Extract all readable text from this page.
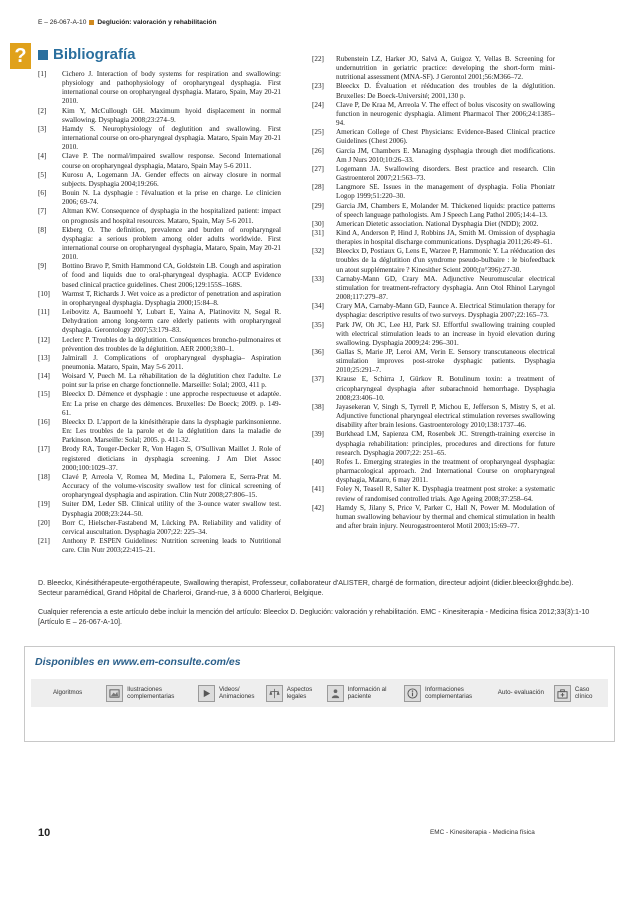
E – 26-067-A-10 Deglución: valoración y rehabilitación
? Bibliografía
[1]	Cichero J. Interaction of body systems for respiration and swallowing: physiology and pathophysiology of oropharyngeal dysphagia. First international course on oropharyngeal dysphagia. Mataro, Spain, May 20-21 2010.
[2]	Kim Y, McCullough GH. Maximum hyoid displacement in normal swallowing. Dysphagia 2008;23:274–9.
[3]	Hamdy S. Neurophysiology of deglutition and swallowing. First international course on oro-pharyngeal dysphagia. Mataro, Spain May 20-21 2010.
[4]	Clave P. The normal/impaired swallow response. Second International course on oropharyngeal dysphagia, Mataro, Spain May 5-6 2011.
[5]	Kurosu A, Logemann JA. Gender effects on airway closure in normal subjects. Dysphagia 2004;19:266.
[6]	Bouin N. La dysphagie : l'évaluation et la prise en charge. Le clinicien 2006; 69-74.
[7]	Altman KW. Consequence of dysphagia in the hospitalized patient: impact on prognosis and hospital resources. Mataro, Spain, May 5-6 2011.
[8]	Ekberg O. The definition, prevalence and burden of oropharyngeal dysphagia: a serious problem among older adults worldwide. First international course on oropharyngeal dysphagia, Mataro, Spain, May 20-21 2010.
[9]	Bottino Bravo P, Smith Hammond CA, Goldstein LB. Cough and aspiration of food and liquids due to oral-pharyngeal dysphagia. ACCP Evidence based clinical practice guidelines. Chest 2006;129:155S–168S.
[10]	Warmst T, Richards J. Wet voice as a predictor of penetration and aspiration in oropharyngeal dysphagia. Dysphagia 2000;15:84–8.
[11]	Leibovitz A, Baumoehl Y, Lubart E, Yaina A, Platinovitz N, Segal R. Dehydration among long-term care elderly patients with oropharyngeal dysphagia. Gerontology 2007;53:179–83.
[12]	Leclerc P. Troubles de la déglutition. Conséquences broncho-pulmonaires et prévention des troubles de la déglutition. AER 2000;3:80–1.
[13]	Jalmirall J. Complications of oropharyngeal dysphagia– Aspiration pneumonia. Mataro, Spain, May 5-6 2011.
[14]	Woisard V, Puech M. La réhabilitation de la déglutition chez l'adulte. Le point sur la prise en charge fonctionnelle. Marseille: Solal; 2003, 411 p.
[15]	Bleeckx D. Démence et dysphagie : une approche respectueuse et adaptée. En: La prise en charge des démences. Bruxelles: De Boeck; 2009. p. 149-61.
[16]	Bleeckx D. L'apport de la kinésithérapie dans la dysphagie parkinsonienne. En: Les troubles de la parole et de la déglutition dans la maladie de Parkinson. Marseille: Solal; 2005. p. 411-32.
[17]	Brody RA, Touger-Decker R, Von Hagen S, O'Sullivan Maillet J. Role of registered dieticians in dysphagia screening. J Am Diet Assoc 2000;100:1029–37.
[18]	Clavé P, Arreola V, Romea M, Medina L, Palomera E, Serra-Prat M. Accuracy of the volume-viscosity swallow test for clinical screening of oropharyngeal dysphagia and aspiration. Clin Nutr 2008;27:806–15.
[19]	Suiter DM, Leder SB. Clinical utility of the 3-ounce water swallow test. Dysphagia 2008;23:244–50.
[20]	Borr C, Hielscher-Fastabend M, Lücking PA. Reliability and validity of cervical auscultation. Dysphagia 2007;22: 225–34.
[21]	Anthony P. ESPEN Guidelines: Nutrition screening leads to Nutritional care. Clin Nutr 2003;22:415–21.
[22]	Rubenstein LZ, Harker JO, Salvà A, Guigoz Y, Vellas B. Screening for undernutrition in geriatric practice: developing the short-form mini-nutritional assessment (MNA-SF). J Gerontol 2001;56:M366–72.
[23]	Bleeckx D. Évaluation et rééducation des troubles de la déglutition. Bruxelles: De Boeck-Université; 2001,130 p.
[24]	Clave P, De Kraa M, Arreola V. The effect of bolus viscosity on swallowing function in neurogenic dysphagia. Aliment Pharmacol Ther 2006;24:1385–94.
[25]	American College of Chest Physicians: Evidence-Based Clinical practice Guidelines (Chest 2006).
[26]	Garcia JM, Chambers E. Managing dysphagia through diet modifications. Am J Nurs 2010;10:26–33.
[27]	Logemann JA. Swallowing disorders. Best practice and research. Clin Gastroenterol 2007;21:563–73.
[28]	Langmore SE. Issues in the management of dysphagia. Folia Phoniatr Logop 1999;51:220–30.
[29]	Garcia JM, Chambers E, Molander M. Thickened liquids: practice patterns of speech language pathologists. Am J Speech Lang Pathol 2005;14:4–13.
[30]	American Dietetic association. National Dysphagia Diet (NDD); 2002.
[31]	Kind A, Anderson P, Hind J, Robbins JA, Smith M. Omission of dysphagia therapies in hospital discharge communications. Dysphagia 2011;26:49–61.
[32]	Bleeckx D, Postiaux G, Lens E, Warzee P, Hammonic Y. La rééducation des troubles de la déglutition d'un syndrome pseudo-bulbaire : le biofeedback un atout supplémentaire ? Kinesither Scient 2000;(n°396):27-30.
[33]	Carnaby-Mann GD, Crary MA. Adjunctive Neuromuscular electrical stimulation for treatment-refractory dysphagia. Ann Otol Rhinol Laryngol 2008;117:279–87.
[34]	Crary MA, Carnaby-Mann GD, Faunce A. Electrical Stimulation therapy for dysphagia: descriptive results of two surveys. Dysphagia 2007;22:165–73.
[35]	Park JW, Oh JC, Lee HJ, Park SJ. Effortful swallowing training coupled with electrical stimulation leads to an increase in hyoid elevation during swallowing. Dysphagia 2009;24: 296–301.
[36]	Gallas S, Marie JP, Leroi AM, Verin E. Sensory transcutaneous electrical stimulation improves post-stroke dysphagic patients. Dysphagia 2010;25:291–7.
[37]	Krause E, Schirra J, Gürkov R. Botulinum toxin: a treatment of cricopharyngeal dysphagia after subarachnoid hemorrhage. Dysphagia 2008;23:406–10.
[38]	Jayasekeran V, Singh S, Tyrrell P, Michou E, Jefferson S, Mistry S, et al. Adjunctive functional pharyngeal electrical stimulation reverses swallowing disability after brain lesions. Gastroenterology 2010;138:1737–46.
[39]	Burkhead LM, Sapienza CM, Rosenbek JC. Strength-training exercise in dysphagia rehabilitation: principles, procedures and directions for future research. Dysphagia 2007;22: 251–65.
[40]	Rofes L. Emerging strategies in the treatment of oropharyngeal dysphagia: pharmacological approach. 2nd International Course on oropharyngeal dysphagia, Mataro, 6 may 2011.
[41]	Foley N, Teasell R, Salter K. Dysphagia treatment post stroke: a systematic review of randomised controlled trials. Age Ageing 2008;37:258–64.
[42]	Hamdy S, Jilany S, Price V, Parker C, Hall N, Power M. Modulation of human swallowing behaviour by thermal and chemical stimulation in health and after brain injury. Neurogastroenterol Motil 2003;15:69–77.

D. Bleeckx, Kinésithérapeute-ergothérapeute, Swallowing therapist, Professeur, collaborateur d'ALISTER, chargé de formation, directeur adjoint (didier.bleeckx@ghdc.be).

Secteur paramédical, Grand Hôpital de Charleroi, Grand-rue, 3 à 6000 Charleroi, Belgique.

Cualquier referencia a este artículo debe incluir la mención del artículo: Bleeckx D. Deglución: valoración y rehabilitación. EMC - Kinesiterapia - Medicina física 2012;33(3):1-10 [Artículo E – 26-067-A-10].

Disponibles en www.em-consulte.com/es
Algoritmos
Ilustraciones complementarias
Videos/ Animaciones
Aspectos legales
Información al paciente
Informaciones complementarias
Auto- evaluación
Caso clínico
10	EMC - Kinesiterapia - Medicina física
